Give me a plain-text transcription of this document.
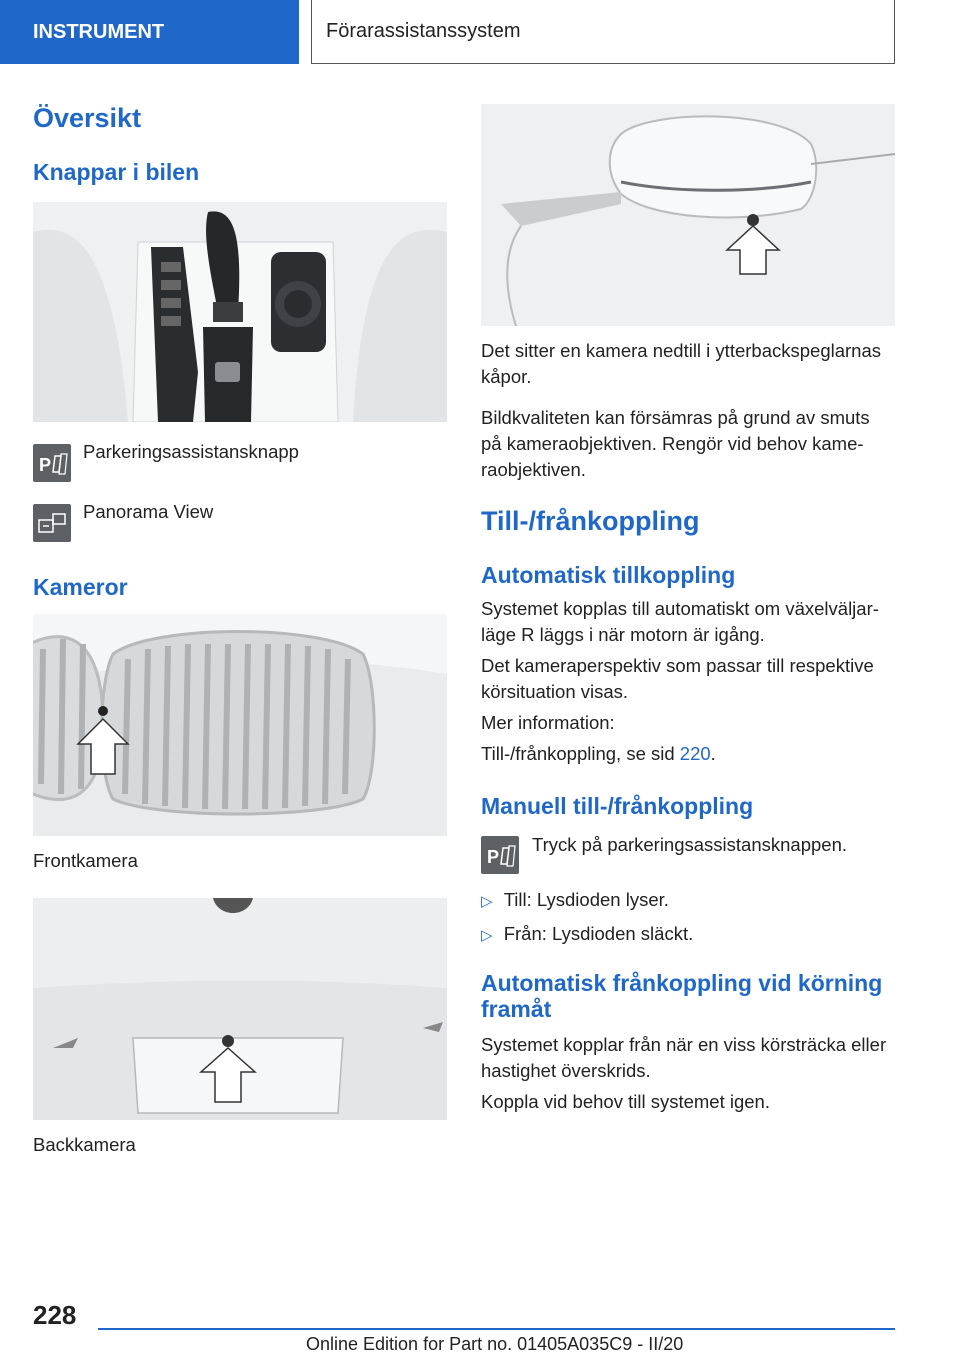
INSTRUMENT	Förarassistanssystem
Översikt
Knappar i bilen
P
Parkeringsassistansknapp
Panorama View
Kameror
Frontkamera
Backkamera
Det sitter en kamera nedtill i ytterbackspeglarnas kåpor.
Bildkvaliteten kan försämras på grund av smuts på kameraobjektiven. Rengör vid behov kameraobjektiven.
Till-/frånkoppling
Automatisk tillkoppling
Systemet kopplas till automatiskt om växelväljarläge R läggs i när motorn är igång.
Det kameraperspektiv som passar till respektive körsituation visas.
Mer information:
Till-/frånkoppling, se sid 220.
Manuell till-/frånkoppling
P
Tryck på parkeringsassistansknappen.
▷ Till: Lysdioden lyser.
▷ Från: Lysdioden släckt.
Automatisk frånkoppling vid körning framåt
Systemet kopplar från när en viss körsträcka eller hastighet överskrids.
Koppla vid behov till systemet igen.
228
Online Edition for Part no. 01405A035C9 - II/20
